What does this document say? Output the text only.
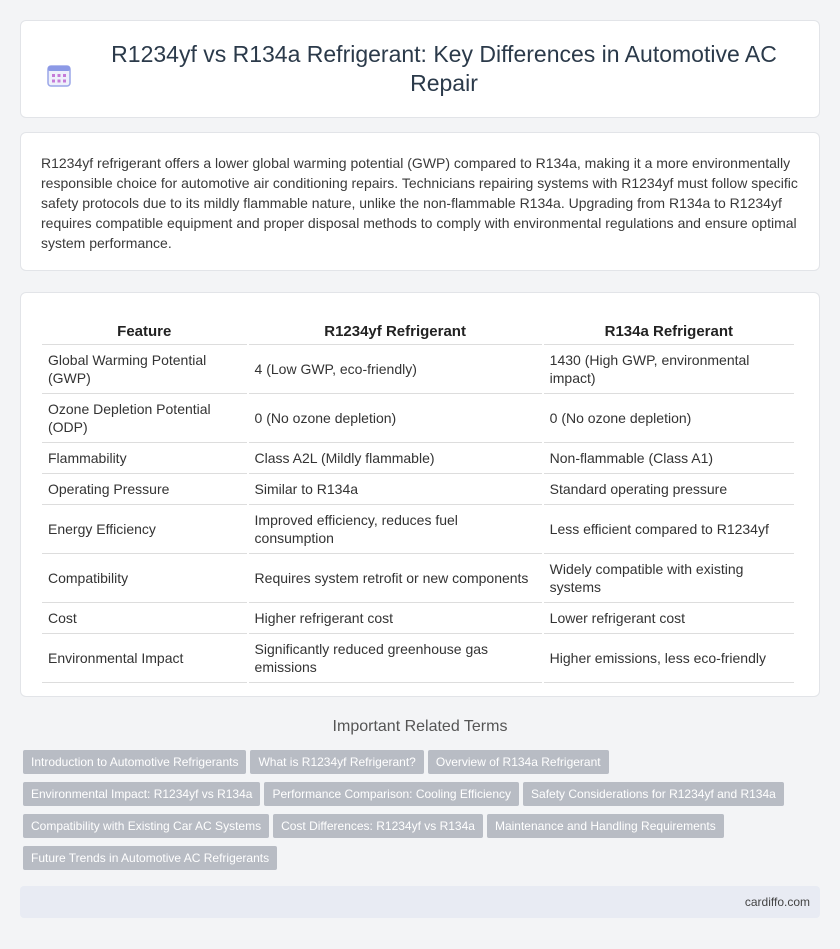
R1234yf vs R134a Refrigerant: Key Differences in Automotive AC Repair

R1234yf refrigerant offers a lower global warming potential (GWP) compared to R134a, making it a more environmentally responsible choice for automotive air conditioning repairs. Technicians repairing systems with R1234yf must follow specific safety protocols due to its mildly flammable nature, unlike the non-flammable R134a. Upgrading from R134a to R1234yf requires compatible equipment and proper disposal methods to comply with environmental regulations and ensure optimal system performance.

Feature	R1234yf Refrigerant	R134a Refrigerant
Global Warming Potential (GWP)	4 (Low GWP, eco-friendly)	1430 (High GWP, environmental impact)
Ozone Depletion Potential (ODP)	0 (No ozone depletion)	0 (No ozone depletion)
Flammability	Class A2L (Mildly flammable)	Non-flammable (Class A1)
Operating Pressure	Similar to R134a	Standard operating pressure
Energy Efficiency	Improved efficiency, reduces fuel consumption	Less efficient compared to R1234yf
Compatibility	Requires system retrofit or new components	Widely compatible with existing systems
Cost	Higher refrigerant cost	Lower refrigerant cost
Environmental Impact	Significantly reduced greenhouse gas emissions	Higher emissions, less eco-friendly
Important Related Terms
Introduction to Automotive Refrigerants What is R1234yf Refrigerant? Overview of R134a Refrigerant
Environmental Impact: R1234yf vs R134a Performance Comparison: Cooling Efficiency Safety Considerations for R1234yf and R134a
Compatibility with Existing Car AC Systems Cost Differences: R1234yf vs R134a Maintenance and Handling Requirements
Future Trends in Automotive AC Refrigerants
cardiffo.com
